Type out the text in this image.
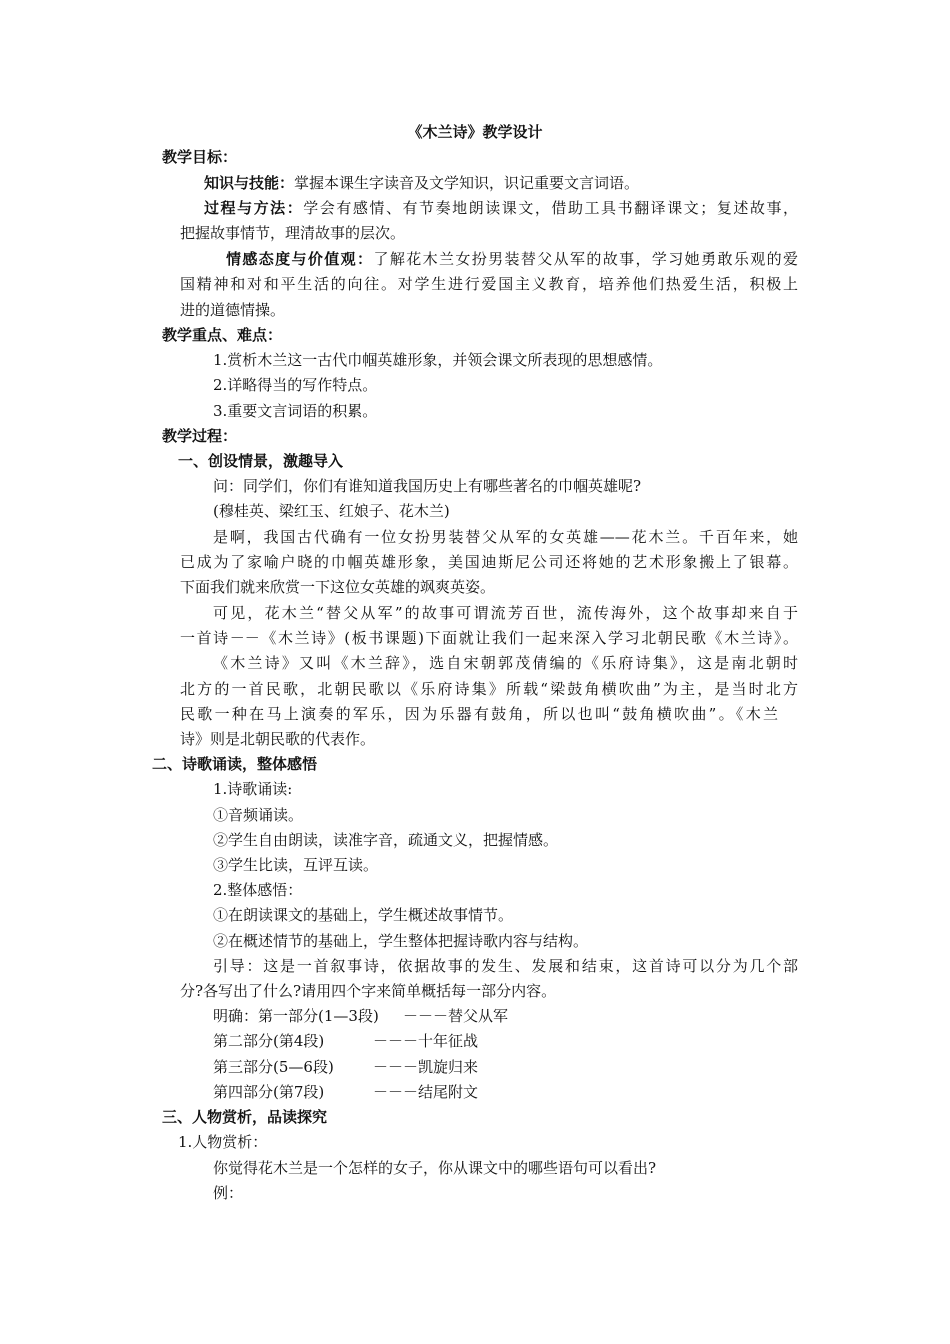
《木兰诗》教学设计
教学目标：
知识与技能：掌握本课生字读音及文学知识，识记重要文言词语。
过程与方法：学会有感情、有节奏地朗读课文，借助工具书翻译课文；复述故事，
把握故事情节，理清故事的层次。
情感态度与价值观：了解花木兰女扮男装替父从军的故事，学习她勇敢乐观的爱
国精神和对和平生活的向往。对学生进行爱国主义教育，培养他们热爱生活，积极上
进的道德情操。
教学重点、难点：
1.赏析木兰这一古代巾帼英雄形象，并领会课文所表现的思想感情。
2.详略得当的写作特点。
3.重要文言词语的积累。
教学过程：
一、创设情景，激趣导入
问：同学们，你们有谁知道我国历史上有哪些著名的巾帼英雄呢?
(穆桂英、梁红玉、红娘子、花木兰)
是啊，我国古代确有一位女扮男装替父从军的女英雄——花木兰。千百年来，她
已成为了家喻户晓的巾帼英雄形象，美国迪斯尼公司还将她的艺术形象搬上了银幕。
下面我们就来欣赏一下这位女英雄的飒爽英姿。
可见，花木兰“替父从军”的故事可谓流芳百世，流传海外，这个故事却来自于
一首诗－－《木兰诗》(板书课题)下面就让我们一起来深入学习北朝民歌《木兰诗》。
《木兰诗》又叫《木兰辞》，选自宋朝郭茂倩编的《乐府诗集》，这是南北朝时
北方的一首民歌，北朝民歌以《乐府诗集》所载“梁鼓角横吹曲”为主，是当时北方
民歌一种在马上演奏的军乐，因为乐器有鼓角，所以也叫“鼓角横吹曲”。《木兰
诗》则是北朝民歌的代表作。
二、诗歌诵读，整体感悟
1.诗歌诵读:
①音频诵读。
②学生自由朗读，读准字音，疏通文义，把握情感。
③学生比读，互评互读。
2.整体感悟：
①在朗读课文的基础上，学生概述故事情节。
②在概述情节的基础上，学生整体把握诗歌内容与结构。
引导：这是一首叙事诗，依据故事的发生、发展和结束，这首诗可以分为几个部
分?各写出了什么?请用四个字来简单概括每一部分内容。
明确：第一部分(1—3段) －－－替父从军
第二部分(第4段)	－－－十年征战
第三部分(5—6段)	－－－凯旋归来
第四部分(第7段)	－－－结尾附文
三、人物赏析，品读探究
1.人物赏析：
你觉得花木兰是一个怎样的女子，你从课文中的哪些语句可以看出?
例：
